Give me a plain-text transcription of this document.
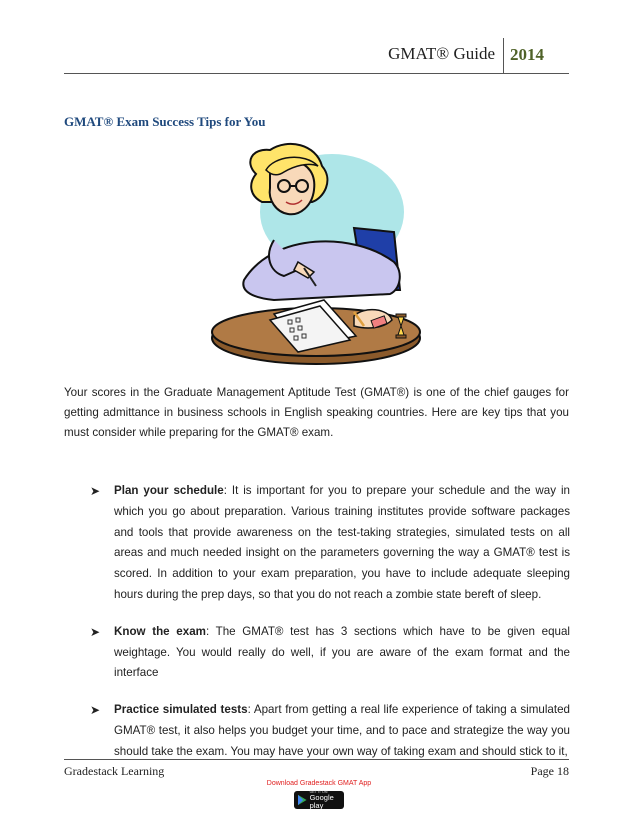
GMAT® Guide 2014
GMAT® Exam Success Tips for You

Your scores in the Graduate Management Aptitude Test (GMAT®) is one of the chief gauges for getting admittance in business schools in English speaking countries. Here are key tips that you must consider while preparing for the GMAT® exam.

➤ Plan your schedule: It is important for you to prepare your schedule and the way in which you go about preparation. Various training institutes provide software packages and tools that provide awareness on the test-taking strategies, simulated tests on all areas and much needed insight on the parameters governing the way a GMAT® test is scored. In addition to your exam preparation, you have to include adequate sleeping hours during the prep days, so that you do not reach a zombie state bereft of sleep.
➤ Know the exam: The GMAT® test has 3 sections which have to be given equal weightage. You would really do well, if you are aware of the exam format and the interface
➤ Practice simulated tests: Apart from getting a real life experience of taking a simulated GMAT® test, it also helps you budget your time, and to pace and strategize the way you should take the exam. You may have your own way of taking exam and should stick to it,
Gradestack Learning	Page 18
Download Gradestack GMAT App
GET IT ON
Google play
